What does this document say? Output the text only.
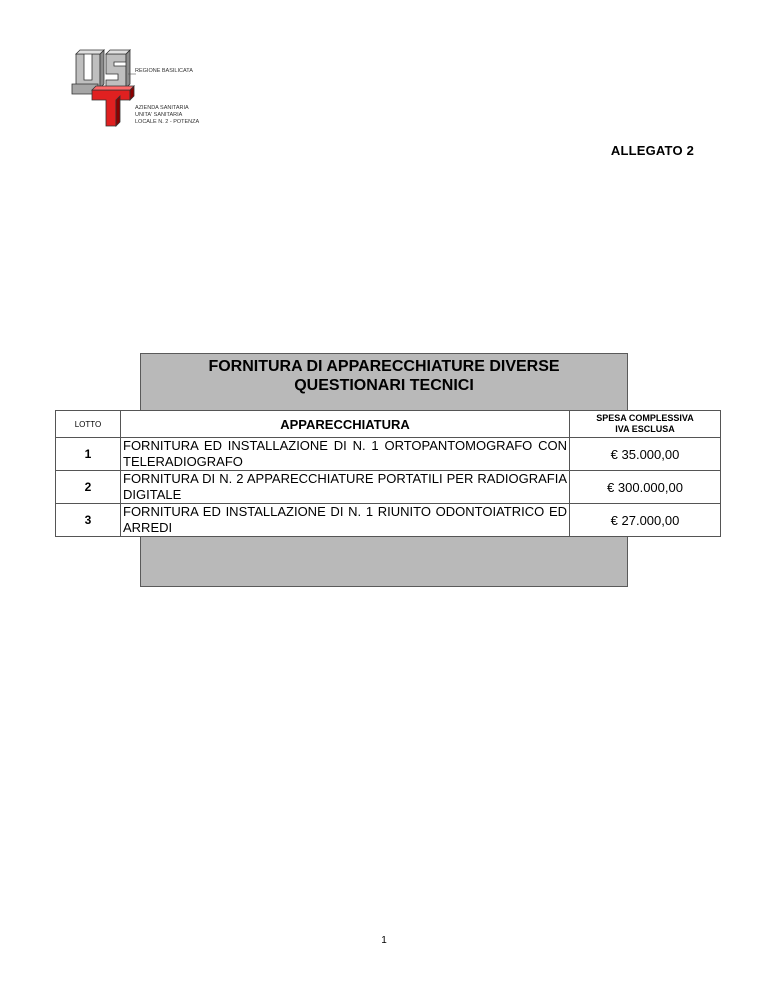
REGIONE BASILICATA
AZIENDA SANITARIA
UNITA' SANITARIA
LOCALE N. 2 - POTENZA
ALLEGATO 2
FORNITURA DI APPARECCHIATURE DIVERSE
QUESTIONARI TECNICI
LOTTO	APPARECCHIATURA	SPESA COMPLESSIVA
IVA ESCLUSA

1	FORNITURA ED INSTALLAZIONE DI N. 1 ORTOPANTOMOGRAFO CON TELERADIOGRAFO	€ 35.000,00
2	FORNITURA DI N. 2 APPARECCHIATURE PORTATILI PER RADIOGRAFIA DIGITALE	€ 300.000,00
3	FORNITURA ED INSTALLAZIONE DI N. 1 RIUNITO ODONTOIATRICO ED ARREDI	€ 27.000,00
1
